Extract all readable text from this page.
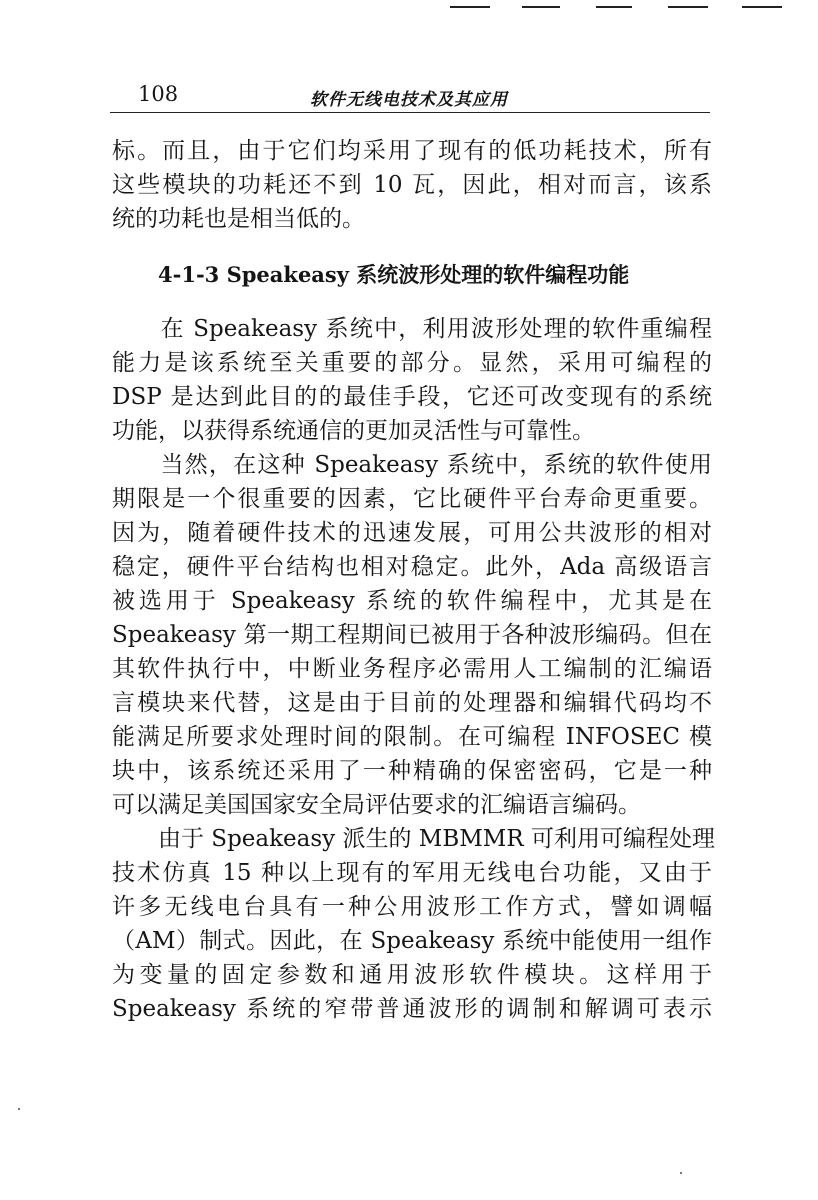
108	软件无线电技术及其应用
标。而且，由于它们均采用了现有的低功耗技术，所有
这些模块的功耗还不到 10 瓦，因此，相对而言，该系
统的功耗也是相当低的。
4-1-3 Speakeasy 系统波形处理的软件编程功能
　　在 Speakeasy 系统中，利用波形处理的软件重编程
能力是该系统至关重要的部分。显然，采用可编程的
DSP 是达到此目的的最佳手段，它还可改变现有的系统
功能，以获得系统通信的更加灵活性与可靠性。
　　当然，在这种 Speakeasy 系统中，系统的软件使用
期限是一个很重要的因素，它比硬件平台寿命更重要。
因为，随着硬件技术的迅速发展，可用公共波形的相对
稳定，硬件平台结构也相对稳定。此外，Ada 高级语言
被选用于 Speakeasy 系统的软件编程中，尤其是在
Speakeasy 第一期工程期间已被用于各种波形编码。但在
其软件执行中，中断业务程序必需用人工编制的汇编语
言模块来代替，这是由于目前的处理器和编辑代码均不
能满足所要求处理时间的限制。在可编程 INFOSEC 模
块中，该系统还采用了一种精确的保密密码，它是一种
可以满足美国国家安全局评估要求的汇编语言编码。
　　由于 Speakeasy 派生的 MBMMR 可利用可编程处理
技术仿真 15 种以上现有的军用无线电台功能，又由于
许多无线电台具有一种公用波形工作方式，譬如调幅
（AM）制式。因此，在 Speakeasy 系统中能使用一组作
为变量的固定参数和通用波形软件模块。这样用于
Speakeasy 系统的窄带普通波形的调制和解调可表示
